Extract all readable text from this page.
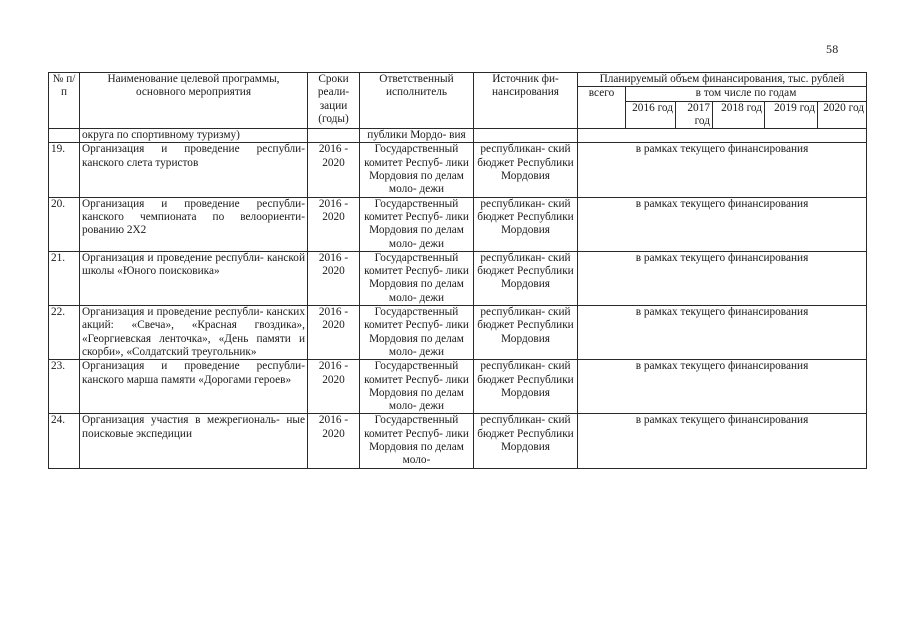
58
№ п/ п	Наименование целевой программы, основного мероприятия	Сроки реали- зации (годы)	Ответственный исполнитель	Источник фи- нансирования	Планируемый объем финансирования, тыс. рублей					
					всего	в том числе по годам				
						2016 год	2017 год	2018 год	2019 год	2020 год
	округа по спортивному туризму)		публики Мордо- вия							
19.	Организация и проведение республи- канского слета туристов	2016 - 2020	Государственный комитет Респуб- лики Мордовия по делам моло- дежи	республикан- ский бюджет Республики Мордовия	в рамках текущего финансирования					
20.	Организация и проведение республи- канского чемпионата по велоориенти- рованию 2Х2	2016 - 2020	Государственный комитет Респуб- лики Мордовия по делам моло- дежи	республикан- ский бюджет Республики Мордовия	в рамках текущего финансирования					
21.	Организация и проведение республи- канской школы «Юного поисковика»	2016 - 2020	Государственный комитет Респуб- лики Мордовия по делам моло- дежи	республикан- ский бюджет Республики Мордовия	в рамках текущего финансирования					
22.	Организация и проведение республи- канских акций: «Свеча», «Красная гвоздика», «Георгиевская ленточка», «День памяти и скорби», «Солдатский треугольник»	2016 - 2020	Государственный комитет Респуб- лики Мордовия по делам моло- дежи	республикан- ский бюджет Республики Мордовия	в рамках текущего финансирования					
23.	Организация и проведение республи- канского марша памяти «Дорогами героев»	2016 - 2020	Государственный комитет Респуб- лики Мордовия по делам моло- дежи	республикан- ский бюджет Республики Мордовия	в рамках текущего финансирования					
24.	Организация участия в межрегиональ- ные поисковые экспедиции	2016 - 2020	Государственный комитет Респуб- лики Мордовия по делам моло-	республикан- ский бюджет Республики Мордовия	в рамках текущего финансирования					
